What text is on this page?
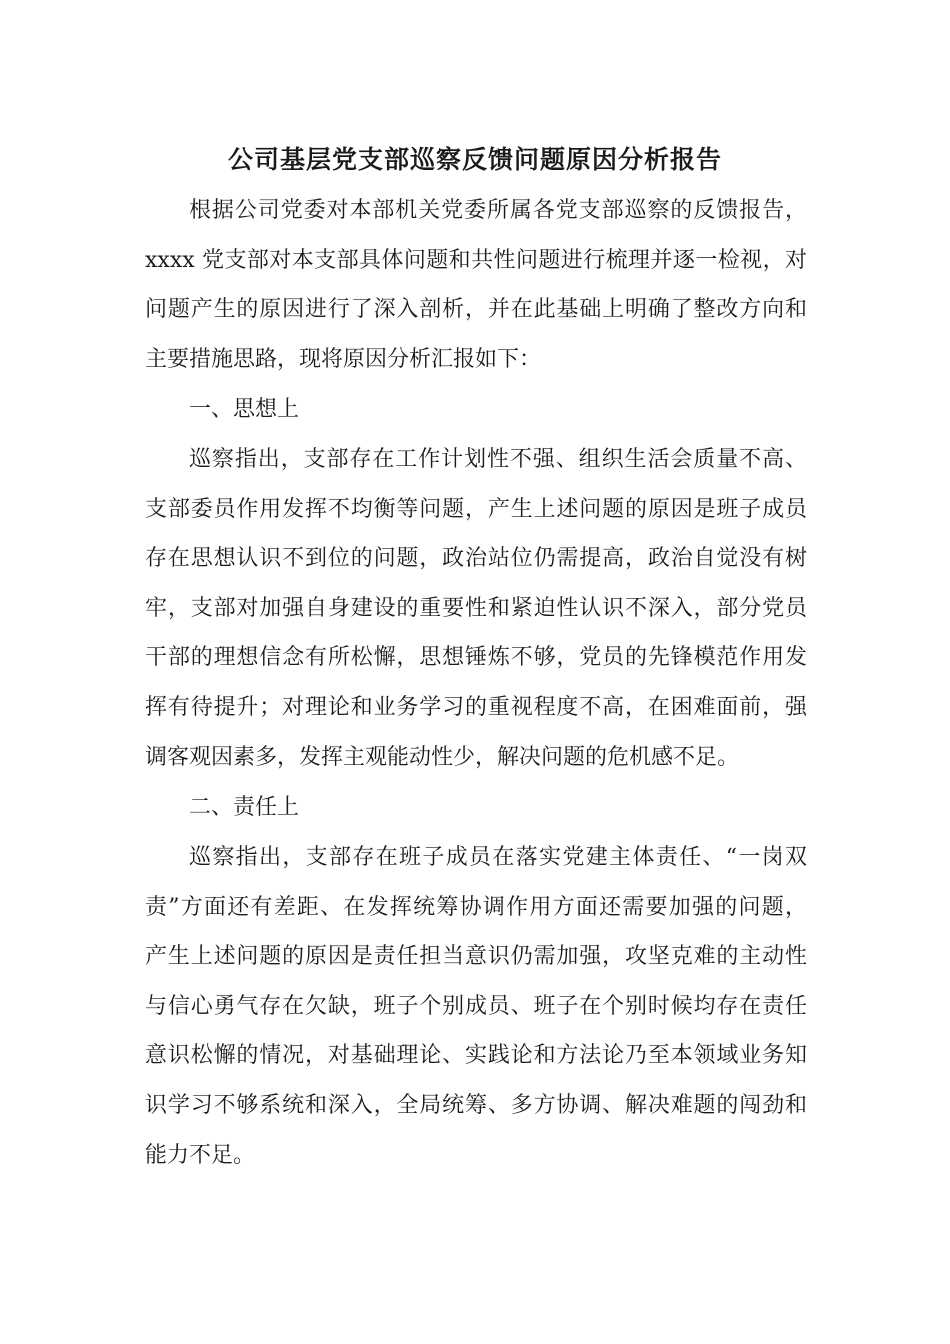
公司基层党支部巡察反馈问题原因分析报告
根据公司党委对本部机关党委所属各党支部巡察的反馈报告，
xxxx 党支部对本支部具体问题和共性问题进行梳理并逐一检视，对
问题产生的原因进行了深入剖析，并在此基础上明确了整改方向和
主要措施思路，现将原因分析汇报如下：
一、思想上
巡察指出，支部存在工作计划性不强、组织生活会质量不高、
支部委员作用发挥不均衡等问题，产生上述问题的原因是班子成员
存在思想认识不到位的问题，政治站位仍需提高，政治自觉没有树
牢，支部对加强自身建设的重要性和紧迫性认识不深入，部分党员
干部的理想信念有所松懈，思想锤炼不够，党员的先锋模范作用发
挥有待提升；对理论和业务学习的重视程度不高，在困难面前，强
调客观因素多，发挥主观能动性少，解决问题的危机感不足。
二、责任上
巡察指出，支部存在班子成员在落实党建主体责任、“一岗双
责”方面还有差距、在发挥统筹协调作用方面还需要加强的问题，
产生上述问题的原因是责任担当意识仍需加强，攻坚克难的主动性
与信心勇气存在欠缺，班子个别成员、班子在个别时候均存在责任
意识松懈的情况，对基础理论、实践论和方法论乃至本领域业务知
识学习不够系统和深入，全局统筹、多方协调、解决难题的闯劲和
能力不足。
